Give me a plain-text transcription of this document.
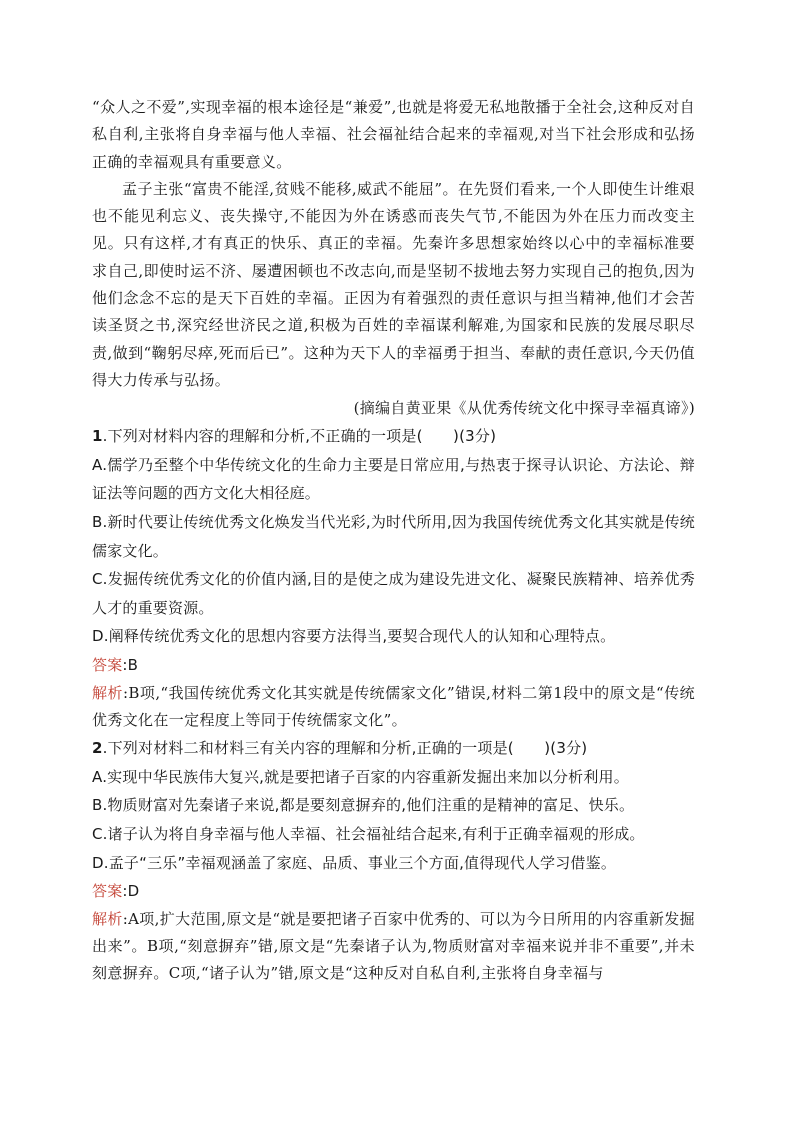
“众人之不爱”,实现幸福的根本途径是“兼爱”,也就是将爱无私地散播于全社会,这种反对自私自利,主张将自身幸福与他人幸福、社会福祉结合起来的幸福观,对当下社会形成和弘扬正确的幸福观具有重要意义。

孟子主张“富贵不能淫,贫贱不能移,威武不能屈”。在先贤们看来,一个人即使生计维艰也不能见利忘义、丧失操守,不能因为外在诱惑而丧失气节,不能因为外在压力而改变主见。只有这样,才有真正的快乐、真正的幸福。先秦许多思想家始终以心中的幸福标准要求自己,即使时运不济、屡遭困顿也不改志向,而是坚韧不拔地去努力实现自己的抱负,因为他们念念不忘的是天下百姓的幸福。正因为有着强烈的责任意识与担当精神,他们才会苦读圣贤之书,深究经世济民之道,积极为百姓的幸福谋利解难,为国家和民族的发展尽职尽责,做到“鞠躬尽瘁,死而后已”。这种为天下人的幸福勇于担当、奉献的责任意识,今天仍值得大力传承与弘扬。

(摘编自黄亚果《从优秀传统文化中探寻幸福真谛》)

1.下列对材料内容的理解和分析,不正确的一项是(　　)(3分)

A.儒学乃至整个中华传统文化的生命力主要是日常应用,与热衷于探寻认识论、方法论、辩证法等问题的西方文化大相径庭。

B.新时代要让传统优秀文化焕发当代光彩,为时代所用,因为我国传统优秀文化其实就是传统儒家文化。

C.发掘传统优秀文化的价值内涵,目的是使之成为建设先进文化、凝聚民族精神、培养优秀人才的重要资源。

D.阐释传统优秀文化的思想内容要方法得当,要契合现代人的认知和心理特点。

答案:B

解析:B项,“我国传统优秀文化其实就是传统儒家文化”错误,材料二第1段中的原文是“传统优秀文化在一定程度上等同于传统儒家文化”。

2.下列对材料二和材料三有关内容的理解和分析,正确的一项是(　　)(3分)

A.实现中华民族伟大复兴,就是要把诸子百家的内容重新发掘出来加以分析利用。

B.物质财富对先秦诸子来说,都是要刻意摒弃的,他们注重的是精神的富足、快乐。

C.诸子认为将自身幸福与他人幸福、社会福祉结合起来,有利于正确幸福观的形成。

D.孟子“三乐”幸福观涵盖了家庭、品质、事业三个方面,值得现代人学习借鉴。

答案:D

解析:A项,扩大范围,原文是“就是要把诸子百家中优秀的、可以为今日所用的内容重新发掘出来”。B项,“刻意摒弃”错,原文是“先秦诸子认为,物质财富对幸福来说并非不重要”,并未刻意摒弃。C项,“诸子认为”错,原文是“这种反对自私自利,主张将自身幸福与
